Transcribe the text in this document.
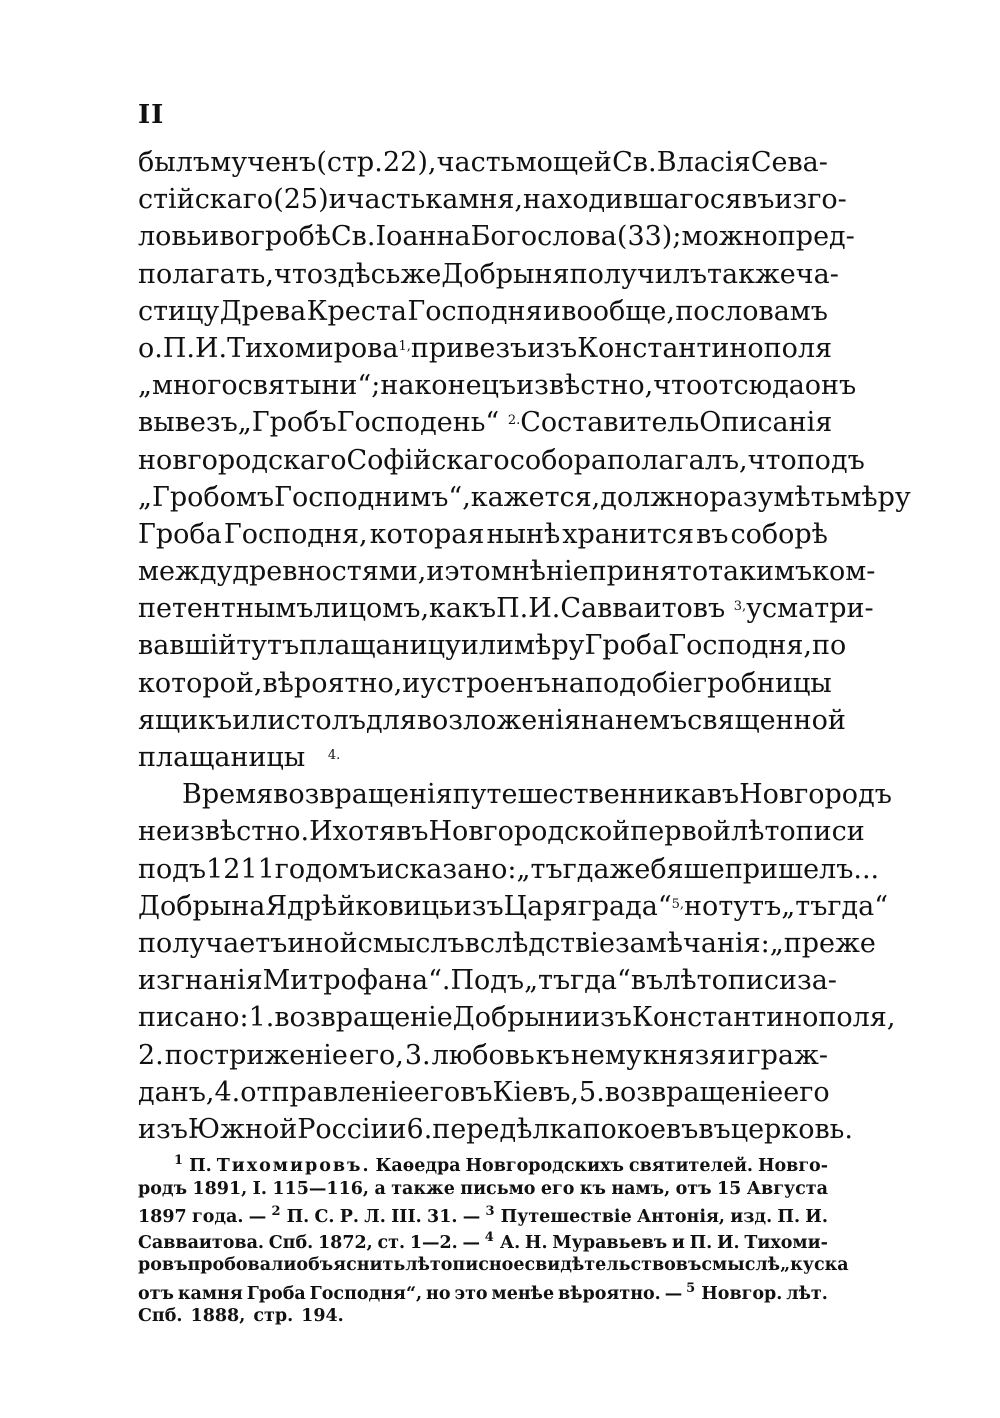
II
былъ мученъ (стр. 22), часть мощей Св. Власія Сева-
стійскаго (25) и часть камня, находившагося въ изго-
ловьи во гробѣ Св. Іоанна Богослова (33); можно пред-
полагать, что здѣсь же Добрыня получилъ также ча-
стицу Древа Креста Господня и вообще, по словамъ
о. П. И. Тихомирова$^{1,}$ привезъ изъ Константинополя
„много святыни“; наконецъ извѣстно, что отсюда онъ
вывезъ „Гробъ Господень“ $^{2.}$ Составитель Описанія
новгородскаго Софійскаго собора полагалъ, что подъ
„Гробомъ Господнимъ“, кажется, должно разумѣть мѣру
Гроба Господня, которая нынѣ хранится въ соборѣ
между древностями, и это мнѣніе принято такимъ ком-
петентнымъ лицомъ, какъ П. И. Савваитовъ $^{3,}$ усматри-
вавшій тутъ плащаницу или мѣру Гроба Господня, по
которой, вѣроятно, и устроенъ на подобіе гробницы
ящикъ или столъ для возложенія на немъ священной
плащаницы $^{4.}$
Время возвращенія путешественника въ Новгородъ
неизвѣстно. И хотя въ Новгородской первой лѣтописи
подъ 1211 годомъ и сказано: „тъгда же бяше пришелъ...
Добрына Ядрѣйковиць изъ Царяграда“$^{5,}$ но тутъ „тъгда“
получаетъ иной смыслъ вслѣдствіе замѣчанія: „преже
изгнанія Митрофана“. Подъ „тъгда“ въ лѣтописи за-
писано: 1. возвращеніе Добрыни изъ Константинополя,
2. постриженіе его, 3. любовь къ нему князя и граж-
данъ, 4. отправленіе его въ Кіевъ, 5. возвращеніе его
изъ Южной Россіи и 6. передѣлка покоевъ въ церковь.
$^1$ П. Тихомировъ. Каѳедра Новгородскихъ святителей. Новго-
родъ 1891, I. 115—116, а также письмо его къ намъ, отъ 15 Августа
1897 года. — $^2$ П. С. Р. Л. III. 31. — $^3$ Путешествіе Антонія, изд. П. И.
Савваитова. Спб. 1872, ст. 1—2. — $^4$ А. Н. Муравьевъ и П. И. Тихоми-
ровъ пробовали объяснить лѣтописное свидѣтельство въ смыслѣ „куска
отъ камня Гроба Господня“, но это менѣе вѣроятно. — $^5$ Новгор. лѣт.
Спб. 1888, стр. 194.
